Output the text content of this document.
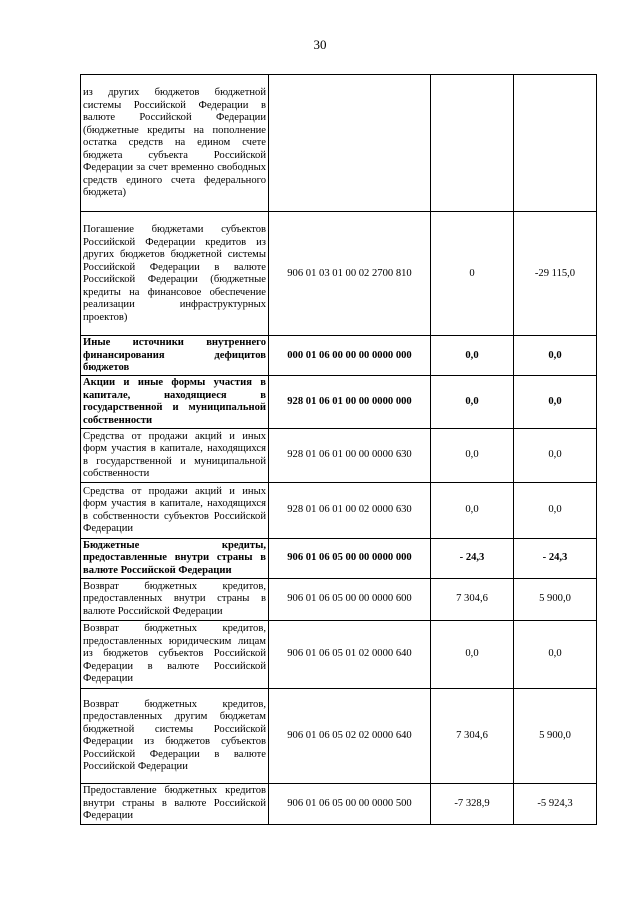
30
из других бюджетов бюджетной системы Российской Федерации в валюте Российской Федерации (бюджетные кредиты на пополнение остатка средств на едином счете бюджета субъекта Российской Федерации за счет временно свободных средств единого счета федерального бюджета)			
Погашение бюджетами субъектов Российской Федерации кредитов из других бюджетов бюджетной системы Российской Федерации в валюте Российской Федерации (бюджетные кредиты на финансовое обеспечение реализации инфраструктурных проектов)	906 01 03 01 00 02 2700 810	0	-29 115,0
Иные источники внутреннего финансирования дефицитов бюджетов	000 01 06 00 00 00 0000 000	0,0	0,0
Акции и иные формы участия в капитале, находящиеся в государственной и муниципальной собственности	928 01 06 01 00 00 0000 000	0,0	0,0
Средства от продажи акций и иных форм участия в капитале, находящихся в государственной и муниципальной собственности	928 01 06 01 00 00 0000 630	0,0	0,0
Средства от продажи акций и иных форм участия в капитале, находящихся в собственности субъектов Российской Федерации	928 01 06 01 00 02 0000 630	0,0	0,0
Бюджетные кредиты, предоставленные внутри страны в валюте Российской Федерации	906 01 06 05 00 00 0000 000	- 24,3	- 24,3
Возврат бюджетных кредитов, предоставленных внутри страны в валюте Российской Федерации	906 01 06 05 00 00 0000 600	7 304,6	5 900,0
Возврат бюджетных кредитов, предоставленных юридическим лицам из бюджетов субъектов Российской Федерации в валюте Российской Федерации	906 01 06 05 01 02 0000 640	0,0	0,0
Возврат бюджетных кредитов, предоставленных другим бюджетам бюджетной системы Российской Федерации из бюджетов субъектов Российской Федерации в валюте Российской Федерации	906 01 06 05 02 02 0000 640	7 304,6	5 900,0
Предоставление бюджетных кредитов внутри страны в валюте Российской Федерации	906 01 06 05 00 00 0000 500	-7 328,9	-5 924,3
